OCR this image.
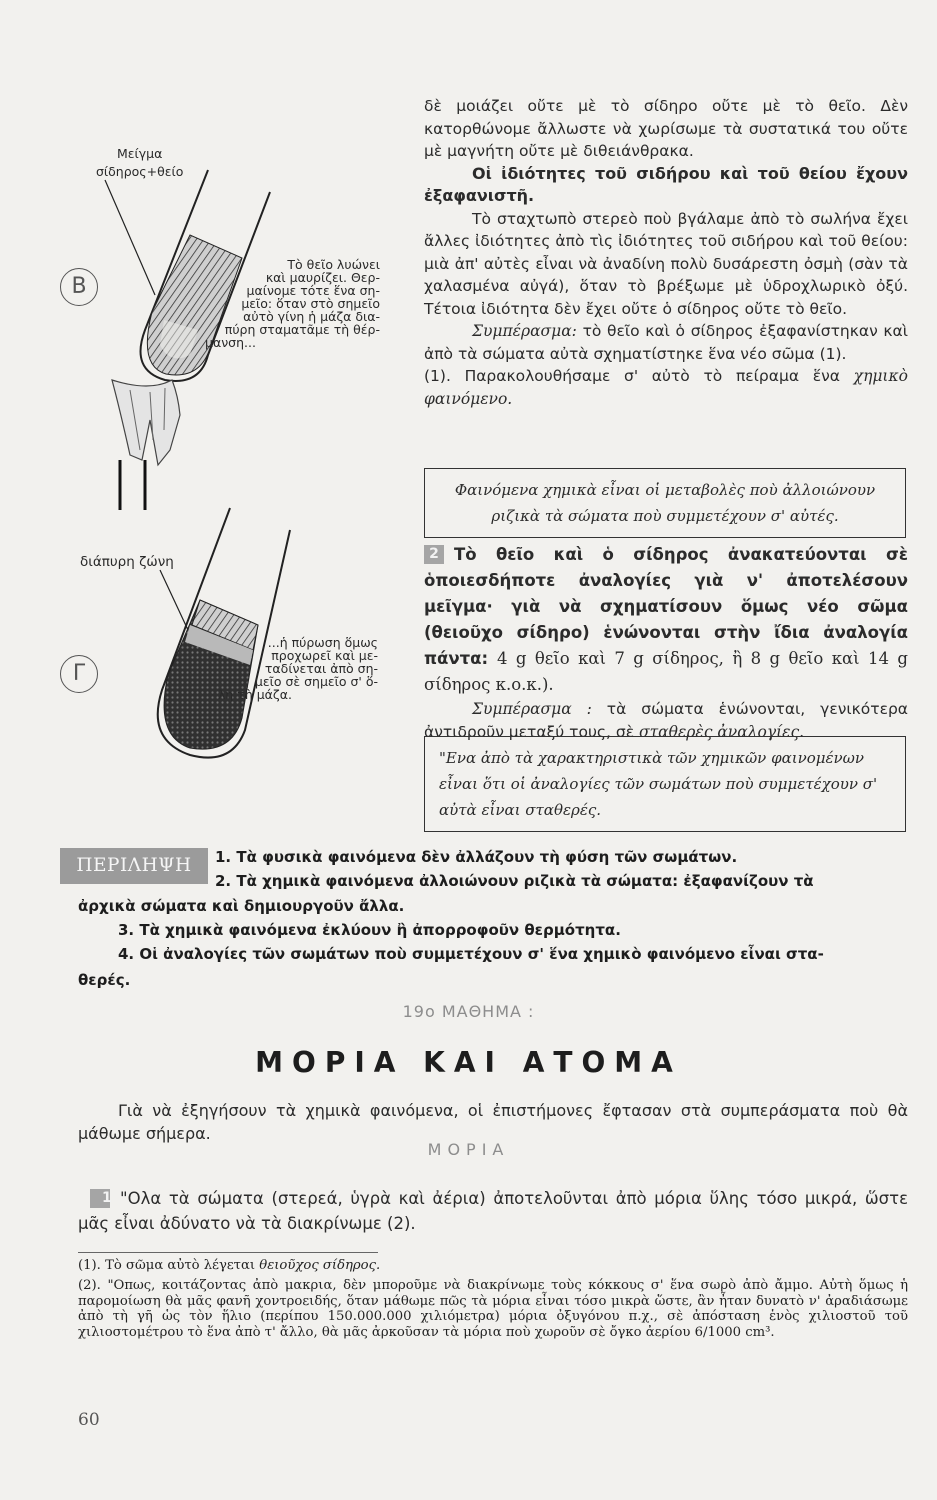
Β
Γ
Μείγμα
σίδηρος+θείο
Τὸ θεῖο λυώνει
καὶ μαυρίζει. Θερ-
μαίνομε τότε ἕνα ση-
μεῖο: ὅταν στὸ σημεῖο
αὐτὸ γίνη ἡ μάζα δια-
πύρη σταματᾶμε τὴ θέρ-
μανση...
διάπυρη ζώνη
...ἡ πύρωση ὅμως
προχωρεῖ καὶ με-
ταδίνεται ἀπὸ ση-
μεῖο σὲ σημεῖο σ' ὅ-
λη τὴ μάζα.

δὲ μοιάζει οὔτε μὲ τὸ σίδηρο οὔτε μὲ τὸ θεῖο. Δὲν κατορθώνομε ἄλλωστε νὰ χωρίσωμε τὰ συστατικά του οὔτε μὲ μαγνήτη οὔτε μὲ διθειάνθρακα.

Οἱ ἰδιότητες τοῦ σιδήρου καὶ τοῦ θείου ἔχουν ἐξαφανιστῆ.

Τὸ σταχτωπὸ στερεὸ ποὺ βγάλαμε ἀπὸ τὸ σωλήνα ἔχει ἄλλες ἰδιότητες ἀπὸ τὶς ἰδιότητες τοῦ σιδήρου καὶ τοῦ θείου: μιὰ ἀπ' αὐτὲς εἶναι νὰ ἀναδίνη πολὺ δυσάρεστη ὀσμὴ (σὰν τὰ χαλασμένα αὐγά), ὅταν τὸ βρέξωμε μὲ ὑδροχλωρικὸ ὀξύ. Τέτοια ἰδιότητα δὲν ἔχει οὔτε ὁ σίδηρος οὔτε τὸ θεῖο.

Συμπέρασμα: τὸ θεῖο καὶ ὁ σίδηρος ἐξαφανίστηκαν καὶ ἀπὸ τὰ σώματα αὐτὰ σχηματίστηκε ἕνα νέο σῶμα (1).

(1). Παρακολουθήσαμε σ' αὐτὸ τὸ πείραμα ἕνα χημικὸ φαινόμενο.

Φαινόμενα χημικὰ εἶναι οἱ μεταβολὲς ποὺ ἀλλοιώνουν ριζικὰ τὰ σώματα ποὺ συμμετέχουν σ' αὐτές.

2 Τὸ θεῖο καὶ ὁ σίδηρος ἀνακατεύονται σὲ ὁποιεσδήποτε ἀναλογίες γιὰ ν' ἀποτελέσουν μεῖγμα· γιὰ νὰ σχηματίσουν ὅμως νέο σῶμα (θειοῦχο σίδηρο) ἑνώνονται στὴν ἴδια ἀναλογία πάντα: 4 g θεῖο καὶ 7 g σίδηρος, ἢ 8 g θεῖο καὶ 14 g σίδηρος κ.ο.κ.).

Συμπέρασμα : τὰ σώματα ἑνώνονται, γενικότερα ἀντιδροῦν μεταξύ τους, σὲ σταθερὲς ἀναλογίες.

"Ενα ἀπὸ τὰ χαρακτηριστικὰ τῶν χημικῶν φαινομένων εἶναι ὅτι οἱ ἀναλογίες τῶν σωμάτων ποὺ συμμετέχουν σ' αὐτὰ εἶναι σταθερές.
ΠΕΡΙΛΗΨΗ	1. Τὰ φυσικὰ φαινόμενα δὲν ἀλλάζουν τὴ φύση τῶν σωμάτων.
2. Τὰ χημικὰ φαινόμενα ἀλλοιώνουν ριζικὰ τὰ σώματα: ἐξαφανίζουν τὰ
ἀρχικὰ σώματα καὶ δημιουργοῦν ἄλλα.
3. Τὰ χημικὰ φαινόμενα ἐκλύουν ἢ ἀπορροφοῦν θερμότητα.
4. Οἱ ἀναλογίες τῶν σωμάτων ποὺ συμμετέχουν σ' ἕνα χημικὸ φαινόμενο εἶναι στα-
θερές.
19ο ΜΑΘΗΜΑ :
ΜΟΡΙΑ ΚΑΙ ΑΤΟΜΑ
Γιὰ νὰ ἐξηγήσουν τὰ χημικὰ φαινόμενα, οἱ ἐπιστήμονες ἔφτασαν στὰ συμπεράσματα ποὺ θὰ μάθωμε σήμερα.
ΜΟΡΙΑ

1 "Ολα τὰ σώματα (στερεά, ὑγρὰ καὶ ἀέρια) ἀποτελοῦνται ἀπὸ μόρια ὕλης τόσο μικρά, ὥστε μᾶς εἶναι ἀδύνατο νὰ τὰ διακρίνωμε (2).

(1). Τὸ σῶμα αὐτὸ λέγεται θειοῦχος σίδηρος.
(2). "Οπως, κοιτάζοντας ἀπὸ μακρια, δὲν μποροῦμε νὰ διακρίνωμε τοὺς κόκκους σ' ἕνα σωρὸ ἀπὸ ἄμμο. Αὐτὴ ὅμως ἡ παρομοίωση θὰ μᾶς φανῆ χοντροειδής, ὅταν μάθωμε πῶς τὰ μόρια εἶναι τόσο μικρὰ ὥστε, ἂν ἦταν δυνατὸ ν' ἀραδιάσωμε ἀπὸ τὴ γῆ ὡς τὸν ἥλιο (περίπου 150.000.000 χιλιόμετρα) μόρια ὀξυγόνου π.χ., σὲ ἀπόσταση ἑνὸς χιλιοστοῦ τοῦ χιλιοστομέτρου τὸ ἕνα ἀπὸ τ' ἄλλο, θὰ μᾶς ἀρκοῦσαν τὰ μόρια ποὺ χωροῦν σὲ ὄγκο ἀερίου 6/1000 cm³.
60
